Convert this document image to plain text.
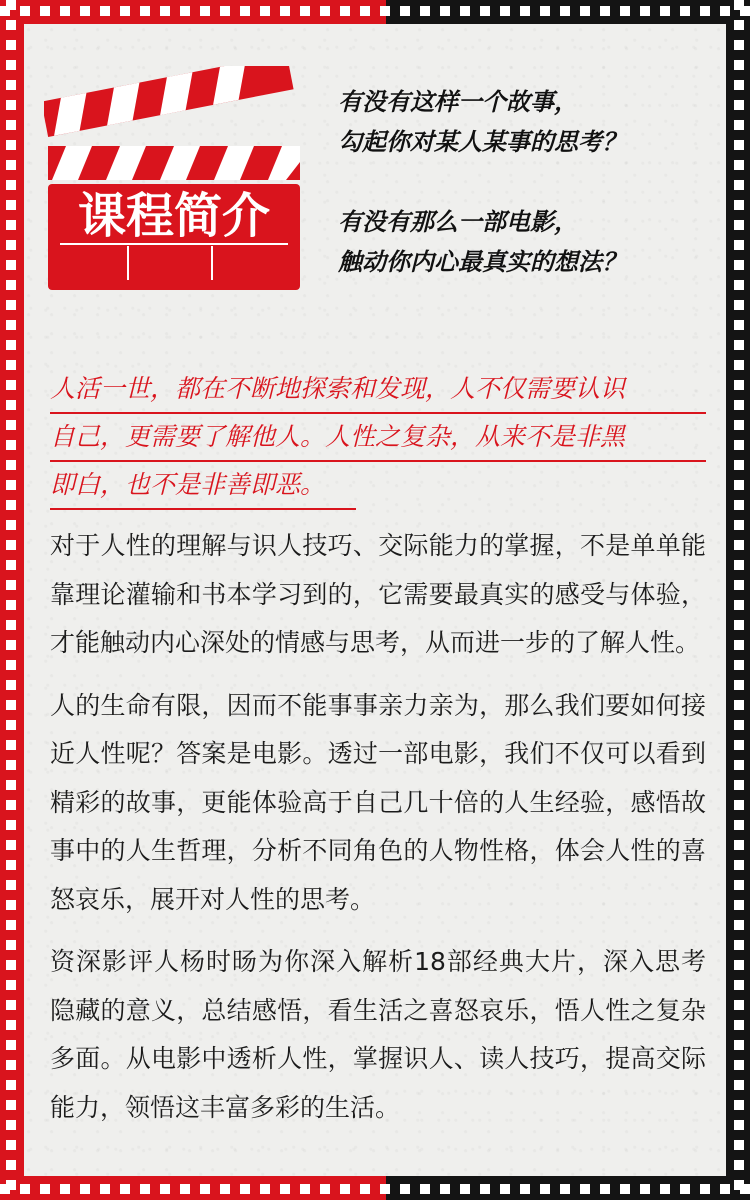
课程简介

有没有这样一个故事，

勾起你对某人某事的思考？

有没有那么一部电影，

触动你内心最真实的想法？

人活一世，都在不断地探索和发现，人不仅需要认识
自己，更需要了解他人。人性之复杂，从来不是非黑
即白，也不是非善即恶。

对于人性的理解与识人技巧、交际能力的掌握，不是单单能靠理论灌输和书本学习到的，它需要最真实的感受与体验，才能触动内心深处的情感与思考，从而进一步的了解人性。

人的生命有限，因而不能事事亲力亲为，那么我们要如何接近人性呢？答案是电影。透过一部电影，我们不仅可以看到精彩的故事，更能体验高于自己几十倍的人生经验，感悟故事中的人生哲理，分析不同角色的人物性格，体会人性的喜怒哀乐，展开对人性的思考。

资深影评人杨时旸为你深入解析18部经典大片，深入思考隐藏的意义，总结感悟，看生活之喜怒哀乐，悟人性之复杂多面。从电影中透析人性，掌握识人、读人技巧，提高交际能力，领悟这丰富多彩的生活。
